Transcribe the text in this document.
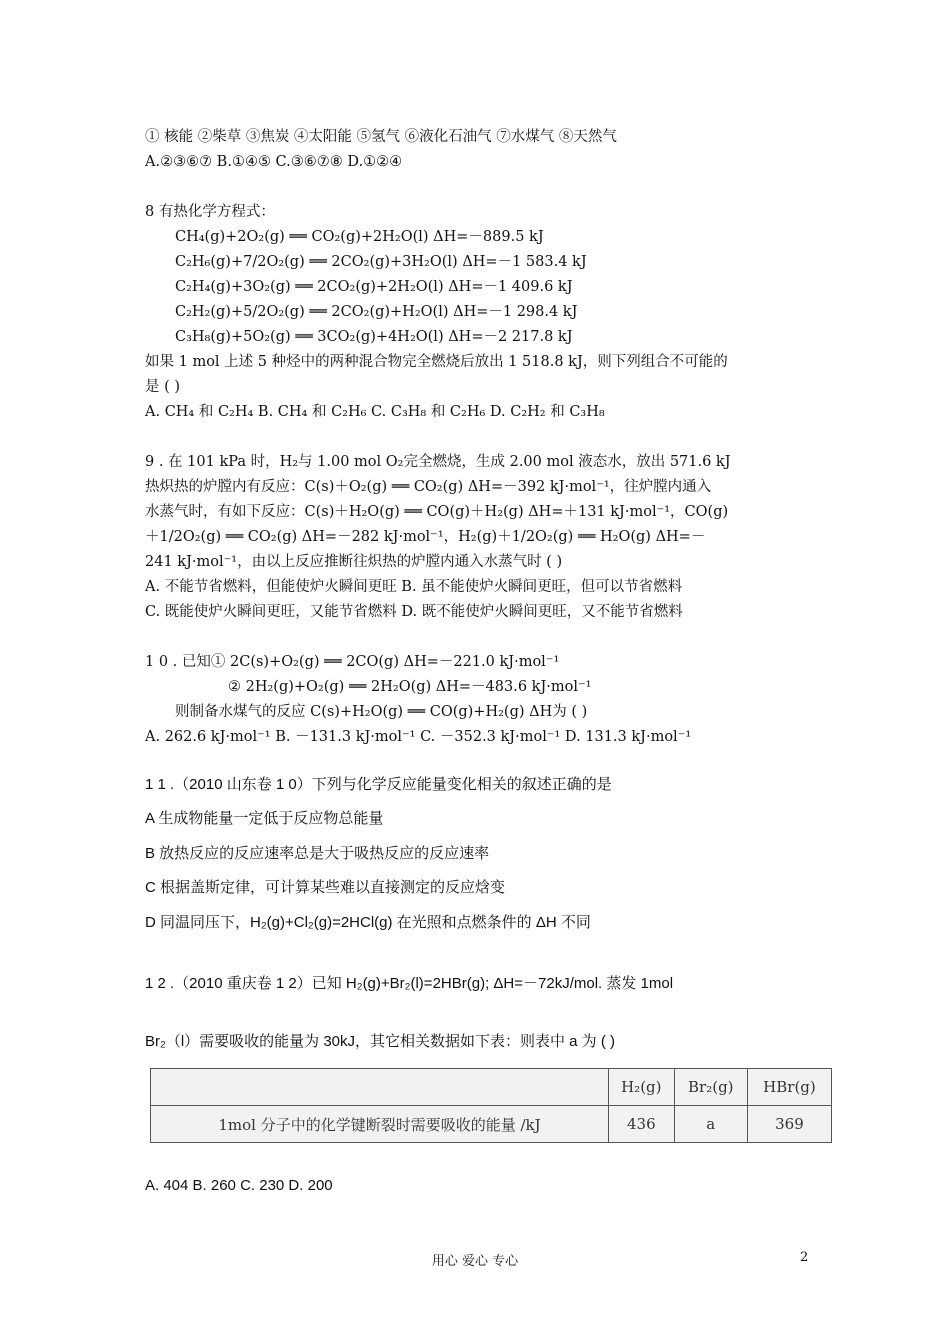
① 核能 ②柴草 ③焦炭 ④太阳能 ⑤氢气 ⑥液化石油气 ⑦水煤气 ⑧天然气
A.②③⑥⑦ B.①④⑤ C.③⑥⑦⑧ D.①②④
8 有热化学方程式：
CH₄(g)+2O₂(g) ══ CO₂(g)+2H₂O(l) ΔH=－889.5 kJ
C₂H₆(g)+7/2O₂(g) ══ 2CO₂(g)+3H₂O(l) ΔH=－1 583.4 kJ
C₂H₄(g)+3O₂(g) ══ 2CO₂(g)+2H₂O(l) ΔH=－1 409.6 kJ
C₂H₂(g)+5/2O₂(g) ══ 2CO₂(g)+H₂O(l) ΔH=－1 298.4 kJ
C₃H₈(g)+5O₂(g) ══ 3CO₂(g)+4H₂O(l) ΔH=－2 217.8 kJ
如果 1 mol 上述 5 种烃中的两种混合物完全燃烧后放出 1 518.8 kJ，则下列组合不可能的
是 ( )
A. CH₄ 和 C₂H₄ B. CH₄ 和 C₂H₆ C. C₃H₈ 和 C₂H₆ D. C₂H₂ 和 C₃H₈
9 . 在 101 kPa 时，H₂与 1.00 mol O₂完全燃烧，生成 2.00 mol 液态水，放出 571.6 kJ
热炽热的炉膛内有反应：C(s)＋O₂(g) ══ CO₂(g) ΔH=－392 kJ·mol⁻¹，往炉膛内通入
水蒸气时，有如下反应：C(s)＋H₂O(g) ══ CO(g)＋H₂(g) ΔH=＋131 kJ·mol⁻¹，CO(g)
＋1/2O₂(g) ══ CO₂(g) ΔH=－282 kJ·mol⁻¹，H₂(g)＋1/2O₂(g) ══ H₂O(g) ΔH=－
241 kJ·mol⁻¹，由以上反应推断往炽热的炉膛内通入水蒸气时 ( )
A. 不能节省燃料，但能使炉火瞬间更旺 B. 虽不能使炉火瞬间更旺，但可以节省燃料
C. 既能使炉火瞬间更旺，又能节省燃料 D. 既不能使炉火瞬间更旺，又不能节省燃料
1 0 . 已知① 2C(s)+O₂(g) ══ 2CO(g) ΔH=－221.0 kJ·mol⁻¹
② 2H₂(g)+O₂(g) ══ 2H₂O(g) ΔH=－483.6 kJ·mol⁻¹
则制备水煤气的反应 C(s)+H₂O(g) ══ CO(g)+H₂(g) ΔH为 ( )
A. 262.6 kJ·mol⁻¹ B. －131.3 kJ·mol⁻¹ C. －352.3 kJ·mol⁻¹ D. 131.3 kJ·mol⁻¹
1 1 .（2010 山东卷 1 0）下列与化学反应能量变化相关的叙述正确的是
A 生成物能量一定低于反应物总能量
B 放热反应的反应速率总是大于吸热反应的反应速率
C 根据盖斯定律，可计算某些难以直接测定的反应焓变
D 同温同压下，H₂(g)+Cl₂(g)=2HCl(g) 在光照和点燃条件的 ΔH 不同
1 2 .（2010 重庆卷 1 2）已知 H₂(g)+Br₂(l)=2HBr(g); ΔH=－72kJ/mol. 蒸发 1mol
Br₂（l）需要吸收的能量为 30kJ，其它相关数据如下表：则表中 a 为 ( )
	H₂(g)	Br₂(g)	HBr(g)
1mol 分子中的化学键断裂时需要吸收的能量 /kJ	436	a	369
A. 404 B. 260 C. 230 D. 200
用心 爱心 专心	2
